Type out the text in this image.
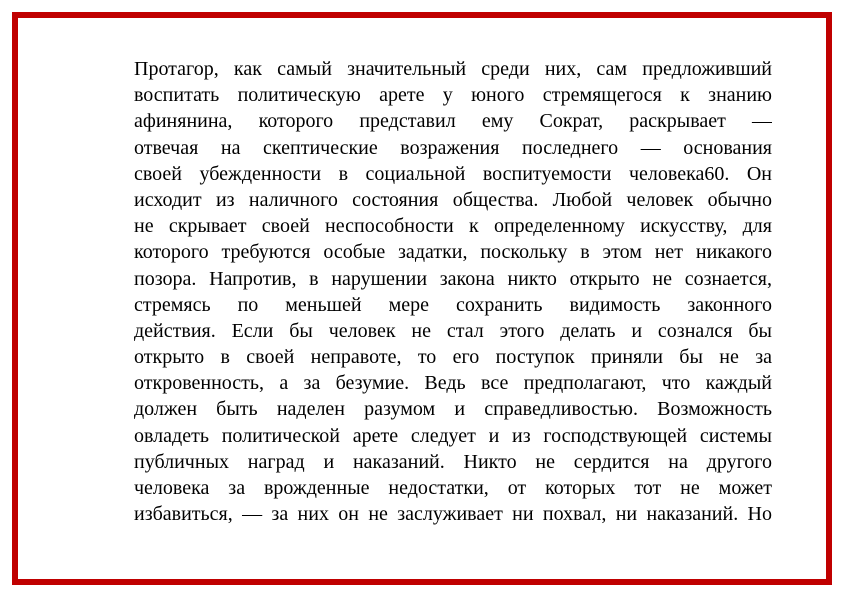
Протагор, как самый значительный среди них, сам предложивший
воспитать политическую арете у юного стремящегося к знанию
афинянина, которого представил ему Сократ, раскрывает —
отвечая на скептические возражения последнего — основания
своей убежденности в социальной воспитуемости человека60. Он
исходит из наличного состояния общества. Любой человек обычно
не скрывает своей неспособности к определенному искусству, для
которого требуются особые задатки, поскольку в этом нет никакого
позора. Напротив, в нарушении закона никто открыто не сознается,
стремясь по меньшей мере сохранить видимость законного
действия. Если бы человек не стал этого делать и сознался бы
открыто в своей неправоте, то его поступок приняли бы не за
откровенность, а за безумие. Ведь все предполагают, что каждый
должен быть наделен разумом и справедливостью. Возможность
овладеть политической арете следует и из господствующей системы
публичных наград и наказаний. Никто не сердится на другого
человека за врожденные недостатки, от которых тот не может
избавиться, — за них он не заслуживает ни похвал, ни наказаний. Но
